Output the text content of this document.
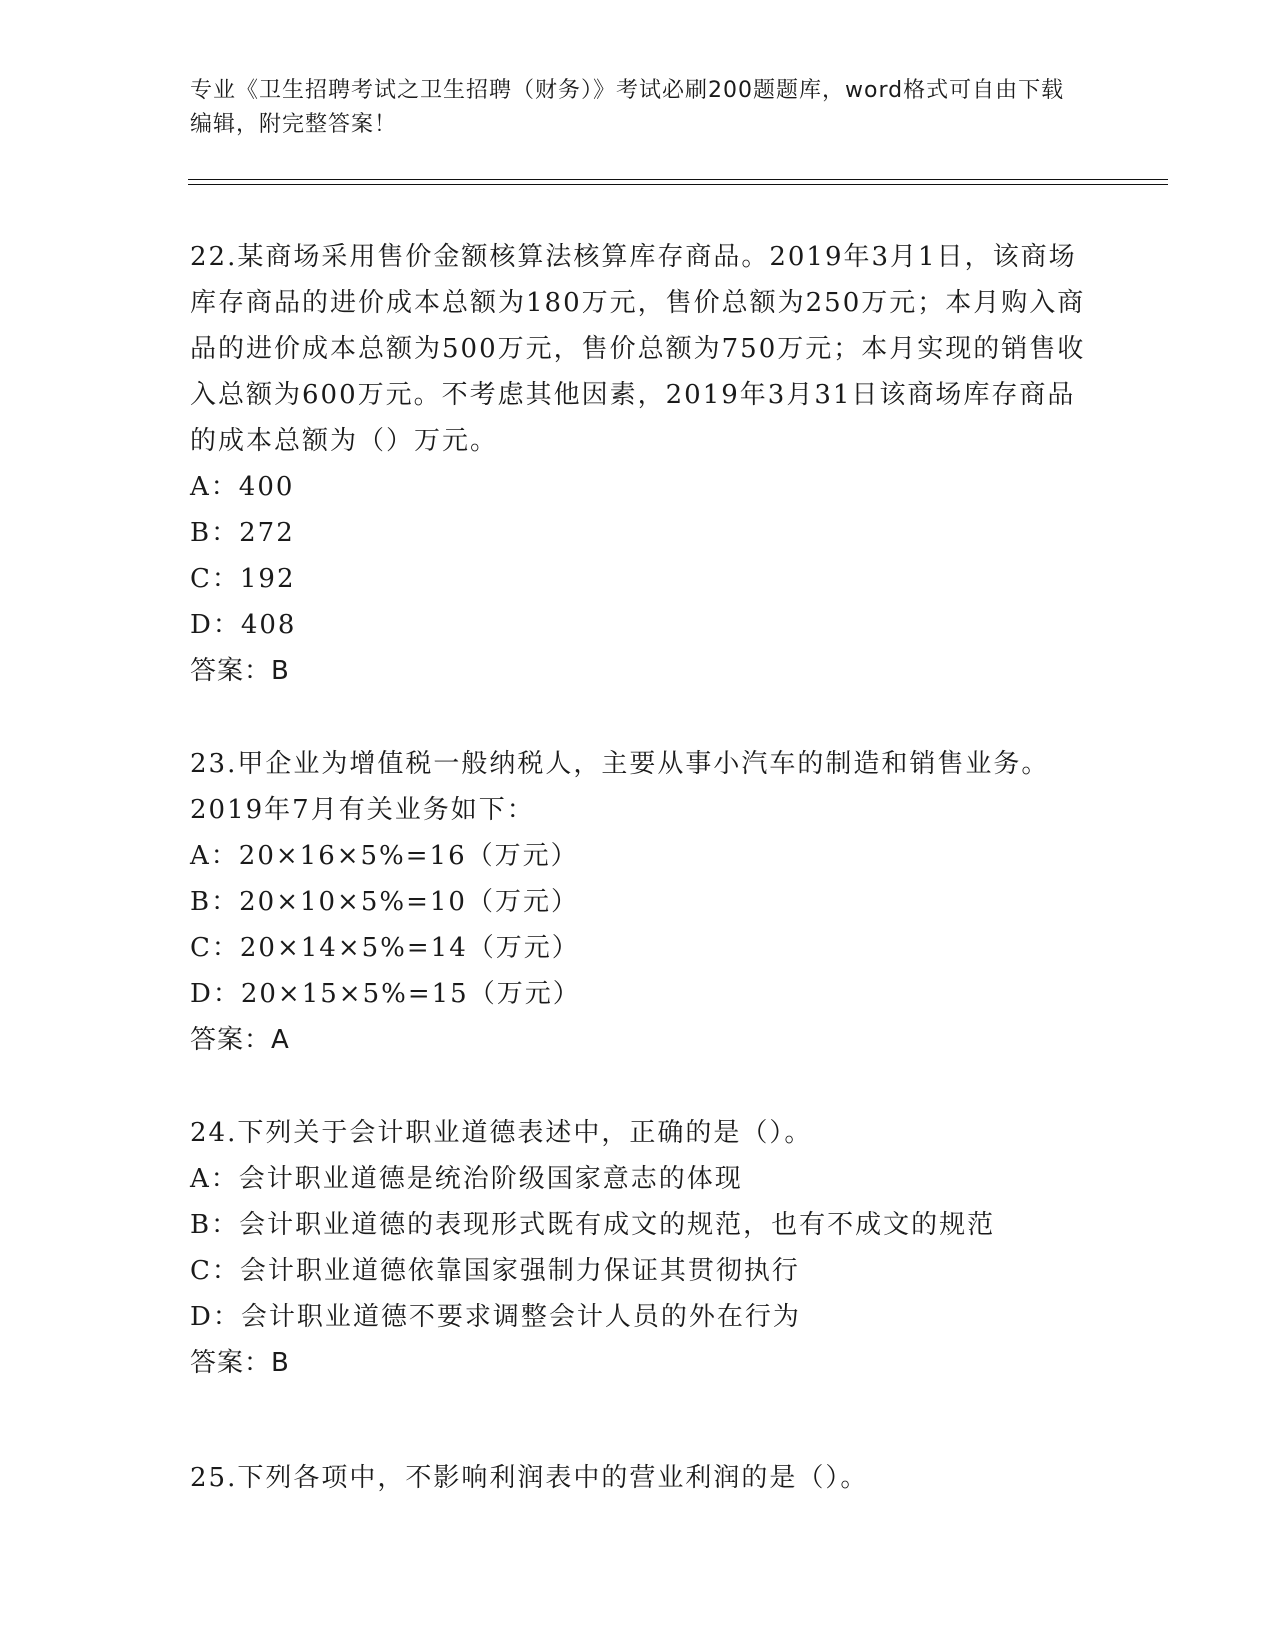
专业《卫生招聘考试之卫生招聘（财务）》考试必刷200题题库，word格式可自由下载编辑，附完整答案！
22.某商场采用售价金额核算法核算库存商品。2019年3月1日，该商场库存商品的进价成本总额为180万元，售价总额为250万元；本月购入商品的进价成本总额为500万元，售价总额为750万元；本月实现的销售收入总额为600万元。不考虑其他因素，2019年3月31日该商场库存商品的成本总额为（）万元。
A：400
B：272
C：192
D：408
答案：B
23.甲企业为增值税一般纳税人，主要从事小汽车的制造和销售业务。2019年7月有关业务如下：
A：20×16×5%=16（万元）
B：20×10×5%=10（万元）
C：20×14×5%=14（万元）
D：20×15×5%=15（万元）
答案：A
24.下列关于会计职业道德表述中，正确的是（）。
A：会计职业道德是统治阶级国家意志的体现
B：会计职业道德的表现形式既有成文的规范，也有不成文的规范
C：会计职业道德依靠国家强制力保证其贯彻执行
D：会计职业道德不要求调整会计人员的外在行为
答案：B
25.下列各项中，不影响利润表中的营业利润的是（）。
